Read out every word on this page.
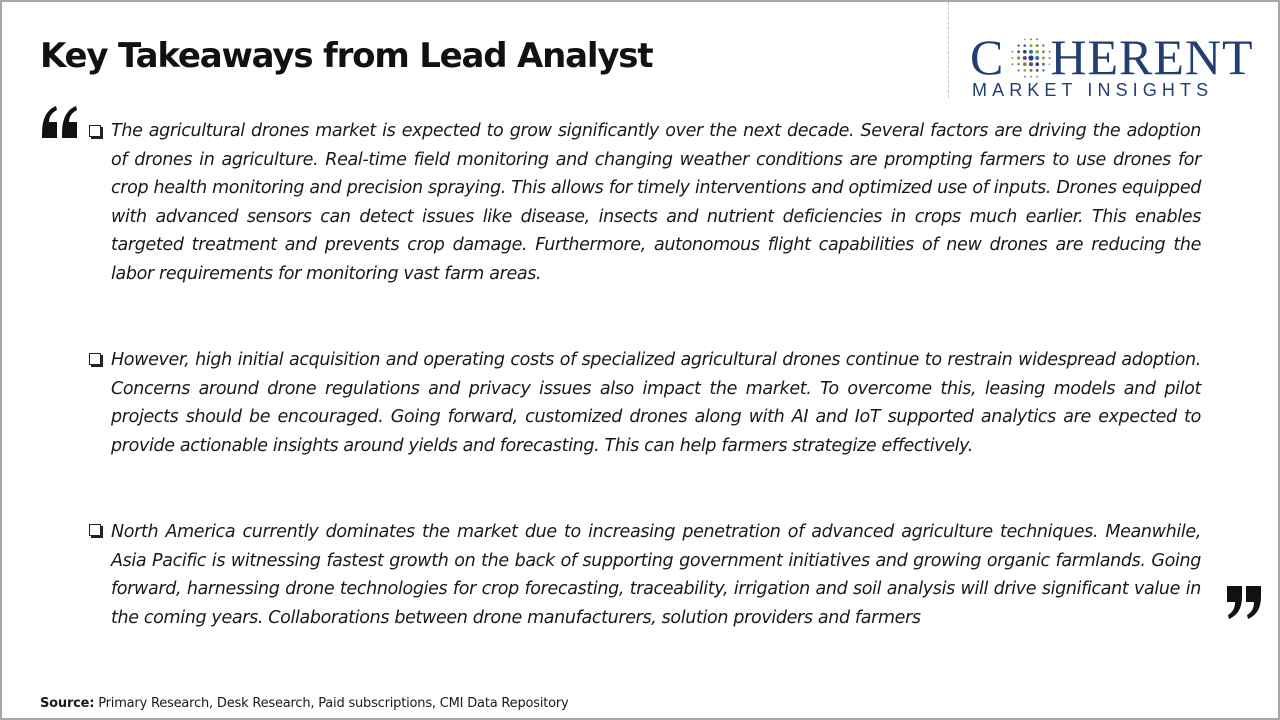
Key Takeaways from Lead Analyst	C HERENT
MARKET INSIGHTS
The agricultural drones market is expected to grow significantly over the next decade. Several factors are driving the adoption of drones in agriculture. Real-time field monitoring and changing weather conditions are prompting farmers to use drones for crop health monitoring and precision spraying. This allows for timely interventions and optimized use of inputs. Drones equipped with advanced sensors can detect issues like disease, insects and nutrient deficiencies in crops much earlier. This enables targeted treatment and prevents crop damage. Furthermore, autonomous flight capabilities of new drones are reducing the labor requirements for monitoring vast farm areas.
However, high initial acquisition and operating costs of specialized agricultural drones continue to restrain widespread adoption. Concerns around drone regulations and privacy issues also impact the market. To overcome this, leasing models and pilot projects should be encouraged. Going forward, customized drones along with AI and IoT supported analytics are expected to provide actionable insights around yields and forecasting. This can help farmers strategize effectively.
North America currently dominates the market due to increasing penetration of advanced agriculture techniques. Meanwhile, Asia Pacific is witnessing fastest growth on the back of supporting government initiatives and growing organic farmlands. Going forward, harnessing drone technologies for crop forecasting, traceability, irrigation and soil analysis will drive significant value in the coming years. Collaborations between drone manufacturers, solution providers and farmers
Source: Primary Research, Desk Research, Paid subscriptions, CMI Data Repository
